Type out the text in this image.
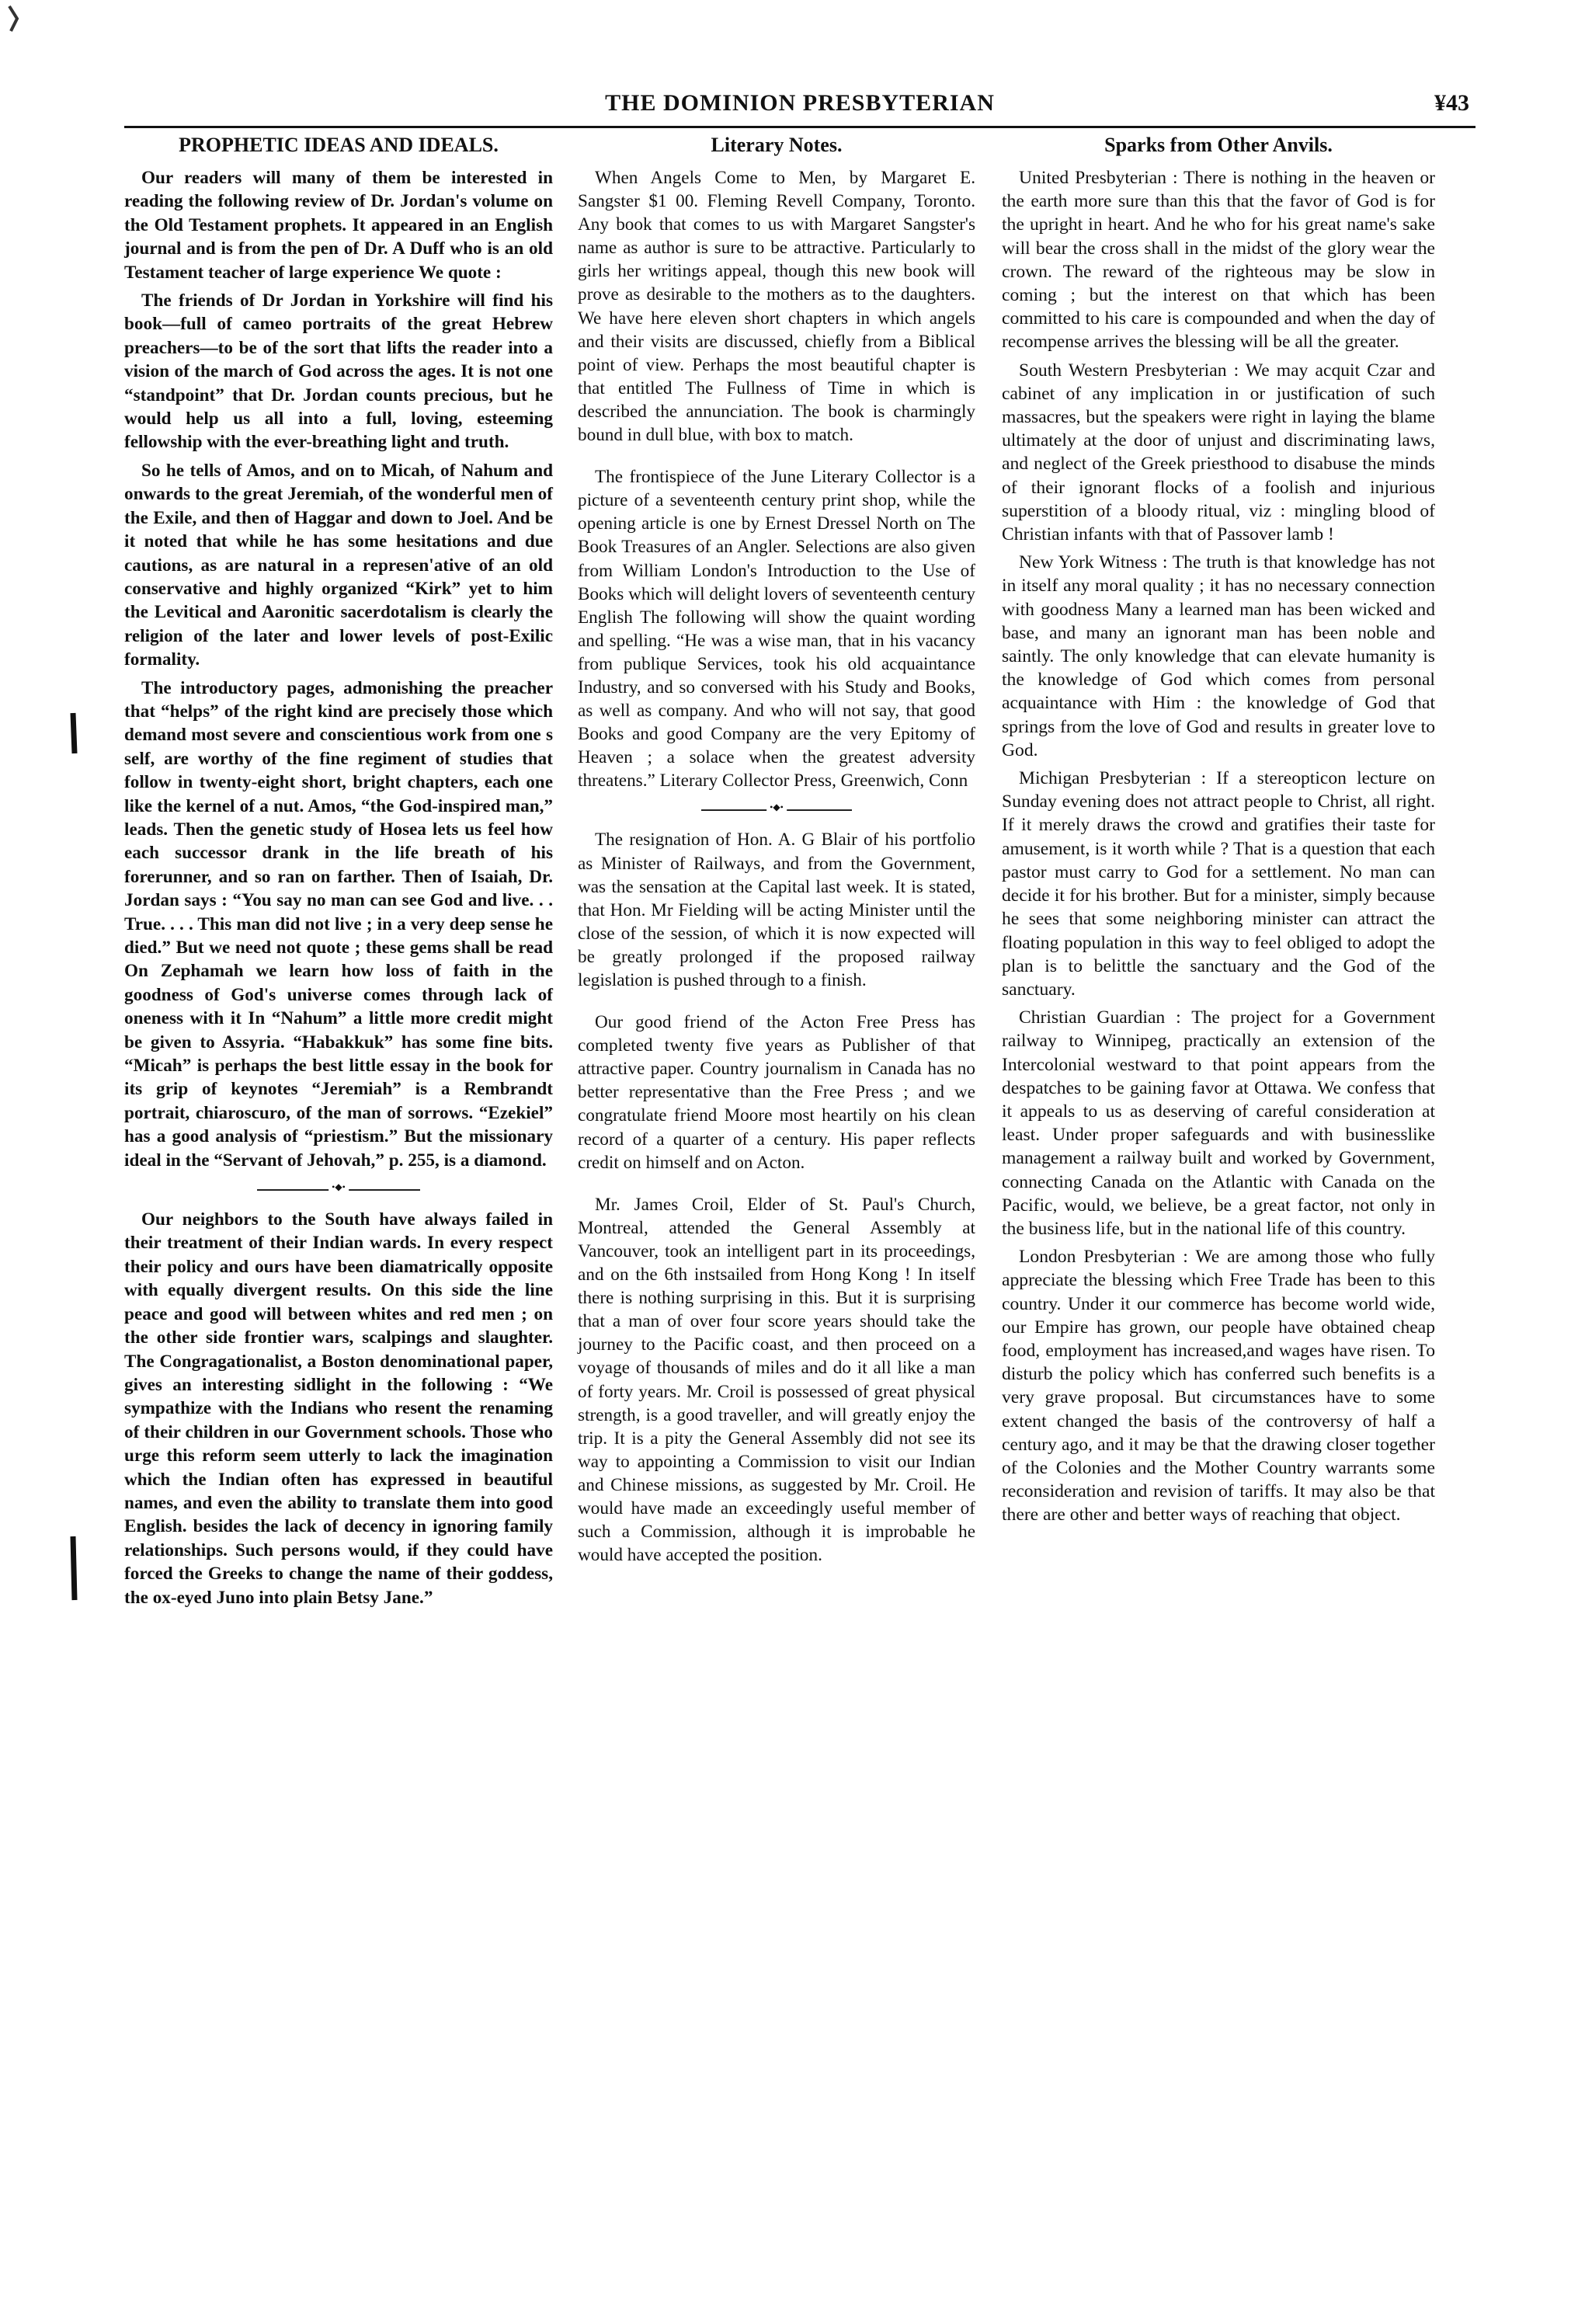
THE DOMINION PRESBYTERIAN	¥43
PROPHETIC IDEAS AND IDEALS.

Our readers will many of them be interested in reading the following review of Dr. Jordan's volume on the Old Testament prophets. It appeared in an English journal and is from the pen of Dr. A Duff who is an old Testament teacher of large experience We quote :

The friends of Dr Jordan in Yorkshire will find his book—full of cameo portraits of the great Hebrew preachers—to be of the sort that lifts the reader into a vision of the march of God across the ages. It is not one “standpoint” that Dr. Jordan counts precious, but he would help us all into a full, loving, esteeming fellowship with the ever-breathing light and truth.

So he tells of Amos, and on to Micah, of Nahum and onwards to the great Jeremiah, of the wonderful men of the Exile, and then of Haggar and down to Joel. And be it noted that while he has some hesitations and due cautions, as are natural in a represen'ative of an old conservative and highly organized “Kirk” yet to him the Levitical and Aaronitic sacerdotalism is clearly the religion of the later and lower levels of post-Exilic formality.

The introductory pages, admonishing the preacher that “helps” of the right kind are precisely those which demand most severe and conscientious work from one s self, are worthy of the fine regiment of studies that follow in twenty-eight short, bright chapters, each one like the kernel of a nut. Amos, “the God-inspired man,” leads. Then the genetic study of Hosea lets us feel how each successor drank in the life breath of his forerunner, and so ran on farther. Then of Isaiah, Dr. Jordan says : “You say no man can see God and live. . . True. . . . This man did not live ; in a very deep sense he died.” But we need not quote ; these gems shall be read On Zephamah we learn how loss of faith in the goodness of God's universe comes through lack of oneness with it In “Nahum” a little more credit might be given to Assyria. “Habakkuk” has some fine bits. “Micah” is perhaps the best little essay in the book for its grip of keynotes “Jeremiah” is a Rembrandt portrait, chiaroscuro, of the man of sorrows. “Ezekiel” has a good analysis of “priestism.” But the missionary ideal in the “Servant of Jehovah,” p. 255, is a diamond.

•◆•

Our neighbors to the South have always failed in their treatment of their Indian wards. In every respect their policy and ours have been diamatrically opposite with equally divergent results. On this side the line peace and good will between whites and red men ; on the other side frontier wars, scalpings and slaughter. The Congragationalist, a Boston denominational paper, gives an interesting sidlight in the following : “We sympathize with the Indians who resent the renaming of their children in our Government schools. Those who urge this reform seem utterly to lack the imagination which the Indian often has expressed in beautiful names, and even the ability to translate them into good English. besides the lack of decency in ignoring family relationships. Such persons would, if they could have forced the Greeks to change the name of their goddess, the ox-eyed Juno into plain Betsy Jane.”

Literary Notes.

When Angels Come to Men, by Margaret E. Sangster $1 00. Fleming Revell Company, Toronto. Any book that comes to us with Margaret Sangster's name as author is sure to be attractive. Particularly to girls her writings appeal, though this new book will prove as desirable to the mothers as to the daughters. We have here eleven short chapters in which angels and their visits are discussed, chiefly from a Biblical point of view. Perhaps the most beautiful chapter is that entitled The Fullness of Time in which is described the annunciation. The book is charmingly bound in dull blue, with box to match.

The frontispiece of the June Literary Collector is a picture of a seventeenth century print shop, while the opening article is one by Ernest Dressel North on The Book Treasures of an Angler. Selections are also given from William London's Introduction to the Use of Books which will delight lovers of seventeenth century English The following will show the quaint wording and spelling. “He was a wise man, that in his vacancy from publique Services, took his old acquaintance Industry, and so conversed with his Study and Books, as well as company. And who will not say, that good Books and good Company are the very Epitomy of Heaven ; a solace when the greatest adversity threatens.” Literary Collector Press, Greenwich, Conn

•◆•

The resignation of Hon. A. G Blair of his portfolio as Minister of Railways, and from the Government, was the sensation at the Capital last week. It is stated, that Hon. Mr Fielding will be acting Minister until the close of the session, of which it is now expected will be greatly prolonged if the proposed railway legislation is pushed through to a finish.

Our good friend of the Acton Free Press has completed twenty five years as Publisher of that attractive paper. Country journalism in Canada has no better representative than the Free Press ; and we congratulate friend Moore most heartily on his clean record of a quarter of a century. His paper reflects credit on himself and on Acton.

Mr. James Croil, Elder of St. Paul's Church, Montreal, attended the General Assembly at Vancouver, took an intelligent part in its proceedings, and on the 6th instsailed from Hong Kong ! In itself there is nothing surprising in this. But it is surprising that a man of over four score years should take the journey to the Pacific coast, and then proceed on a voyage of thousands of miles and do it all like a man of forty years. Mr. Croil is possessed of great physical strength, is a good traveller, and will greatly enjoy the trip. It is a pity the General Assembly did not see its way to appointing a Commission to visit our Indian and Chinese missions, as suggested by Mr. Croil. He would have made an exceedingly useful member of such a Commission, although it is improbable he would have accepted the position.

Sparks from Other Anvils.

United Presbyterian : There is nothing in the heaven or the earth more sure than this that the favor of God is for the upright in heart. And he who for his great name's sake will bear the cross shall in the midst of the glory wear the crown. The reward of the righteous may be slow in coming ; but the interest on that which has been committed to his care is compounded and when the day of recompense arrives the blessing will be all the greater.

South Western Presbyterian : We may acquit Czar and cabinet of any implication in or justification of such massacres, but the speakers were right in laying the blame ultimately at the door of unjust and discriminating laws, and neglect of the Greek priesthood to disabuse the minds of their ignorant flocks of a foolish and injurious superstition of a bloody ritual, viz : mingling blood of Christian infants with that of Passover lamb !

New York Witness : The truth is that knowledge has not in itself any moral quality ; it has no necessary connection with goodness Many a learned man has been wicked and base, and many an ignorant man has been noble and saintly. The only knowledge that can elevate humanity is the knowledge of God which comes from personal acquaintance with Him : the knowledge of God that springs from the love of God and results in greater love to God.

Michigan Presbyterian : If a stereopticon lecture on Sunday evening does not attract people to Christ, all right. If it merely draws the crowd and gratifies their taste for amusement, is it worth while ? That is a question that each pastor must carry to God for a settlement. No man can decide it for his brother. But for a minister, simply because he sees that some neighboring minister can attract the floating population in this way to feel obliged to adopt the plan is to belittle the sanctuary and the God of the sanctuary.

Christian Guardian : The project for a Government railway to Winnipeg, practically an extension of the Intercolonial westward to that point appears from the despatches to be gaining favor at Ottawa. We confess that it appeals to us as deserving of careful consideration at least. Under proper safeguards and with businesslike management a railway built and worked by Government, connecting Canada on the Atlantic with Canada on the Pacific, would, we believe, be a great factor, not only in the business life, but in the national life of this country.

London Presbyterian : We are among those who fully appreciate the blessing which Free Trade has been to this country. Under it our commerce has become world wide, our Empire has grown, our people have obtained cheap food, employment has increased,and wages have risen. To disturb the policy which has conferred such benefits is a very grave proposal. But circumstances have to some extent changed the basis of the controversy of half a century ago, and it may be that the drawing closer together of the Colonies and the Mother Country warrants some reconsideration and revision of tariffs. It may also be that there are other and better ways of reaching that object.
